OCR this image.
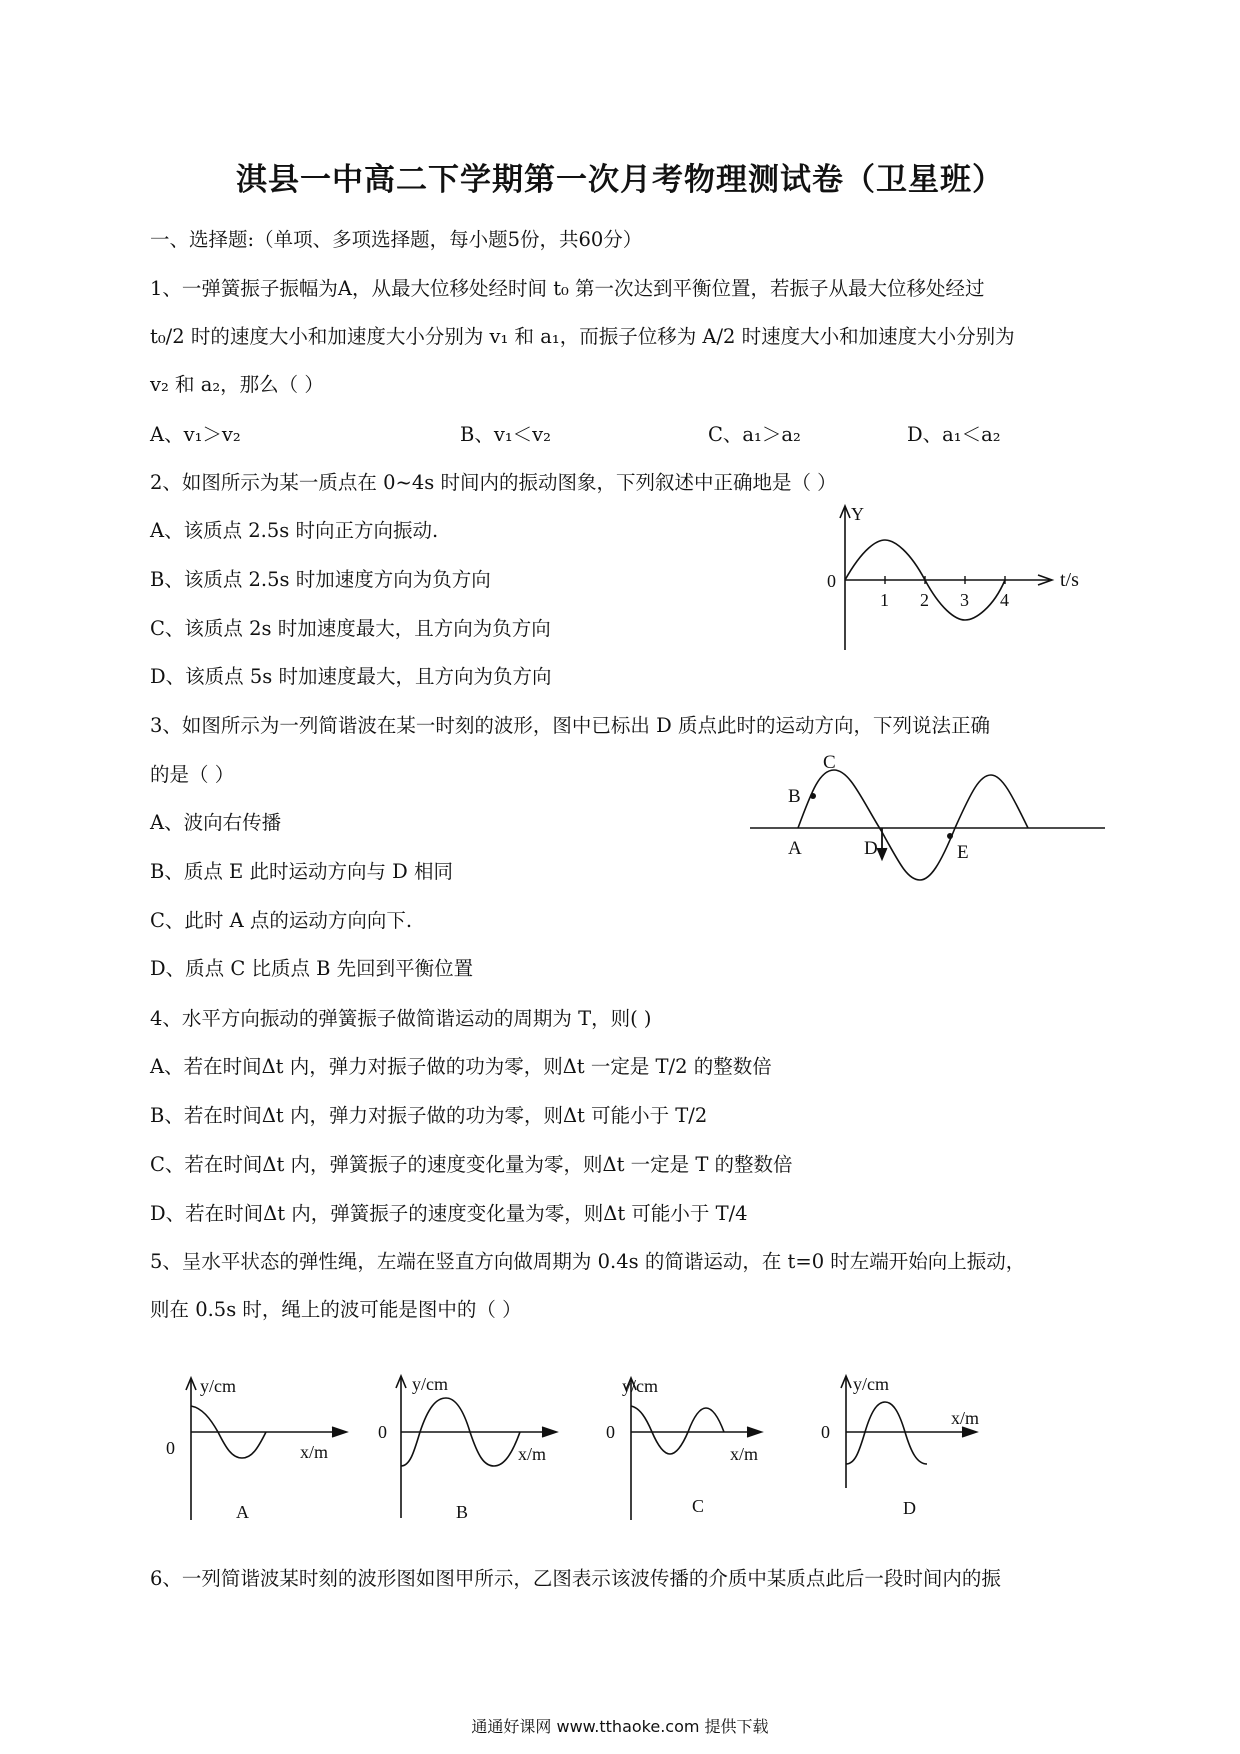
淇县一中高二下学期第一次月考物理测试卷（卫星班）
一、选择题:（单项、多项选择题，每小题5份，共60分）
1、一弹簧振子振幅为A，从最大位移处经时间 t₀ 第一次达到平衡位置，若振子从最大位移处经过
t₀/2 时的速度大小和加速度大小分别为 v₁ 和 a₁，而振子位移为 A/2 时速度大小和加速度大小分别为
v₂ 和 a₂，那么（ ）
A、v₁＞v₂	B、v₁＜v₂	C、a₁＞a₂	D、a₁＜a₂
2、如图所示为某一质点在 0~4s 时间内的振动图象，下列叙述中正确地是（ ）
A、该质点 2.5s 时向正方向振动.
B、该质点 2.5s 时加速度方向为负方向
C、该质点 2s 时加速度最大，且方向为负方向
D、该质点 5s 时加速度最大，且方向为负方向
Y
0	t/s
1 2 3 4
3、如图所示为一列简谐波在某一时刻的波形，图中已标出 D 质点此时的运动方向，下列说法正确
的是（ ）
A、波向右传播
B、质点 E 此时运动方向与 D 相同
C、此时 A 点的运动方向向下.
D、质点 C 比质点 B 先回到平衡位置
A
B
C
D	E
4、水平方向振动的弹簧振子做简谐运动的周期为 T，则( )
A、若在时间Δt 内，弹力对振子做的功为零，则Δt 一定是 T/2 的整数倍
B、若在时间Δt 内，弹力对振子做的功为零，则Δt 可能小于 T/2
C、若在时间Δt 内，弹簧振子的速度变化量为零，则Δt 一定是 T 的整数倍
D、若在时间Δt 内，弹簧振子的速度变化量为零，则Δt 可能小于 T/4
5、呈水平状态的弹性绳，左端在竖直方向做周期为 0.4s 的简谐运动，在 t=0 时左端开始向上振动，
则在 0.5s 时，绳上的波可能是图中的（ ）
y/cm
0	x/m
A
y/cm
0
x/m
B
y/cm
0
x/m
C
y/cm
0
x/m
D
6、一列简谐波某时刻的波形图如图甲所示，乙图表示该波传播的介质中某质点此后一段时间内的振
通通好课网 www.tthaoke.com 提供下载
